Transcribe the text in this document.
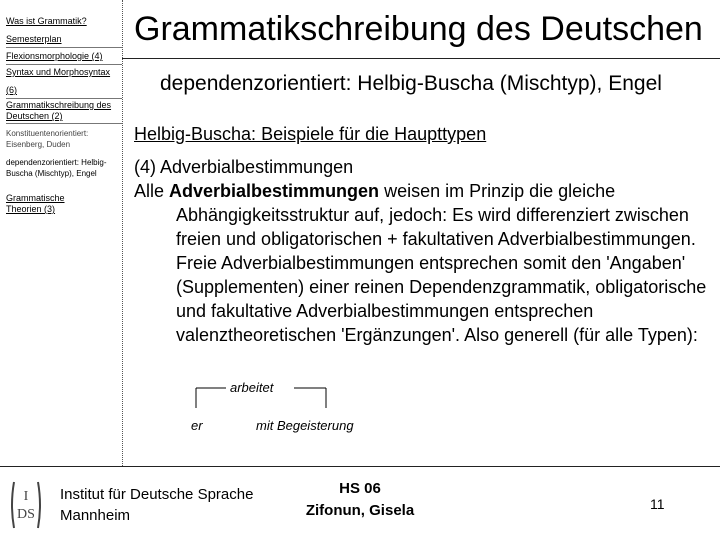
Was ist Grammatik?
Semesterplan
Flexionsmorphologie (4)
Syntax und Morphosyntax
(6)
Grammatikschreibung des Deutschen (2)
Konstituentenorientiert: Eisenberg, Duden
dependenzorientiert: Helbig-Buscha (Mischtyp), Engel
Grammatische Theorien (3)
Grammatikschreibung des Deutschen
dependenzorientiert: Helbig-Buscha (Mischtyp), Engel
Helbig-Buscha: Beispiele für die Haupttypen

(4) Adverbialbestimmungen

Alle Adverbialbestimmungen weisen im Prinzip die gleiche Abhängigkeitsstruktur auf, jedoch: Es wird differenziert zwischen freien und obligatorischen + fakultativen Adverbialbestimmungen. Freie Adverbialbestimmungen entsprechen somit den 'Angaben' (Supplementen) einer reinen Dependenzgrammatik, obligatorische und fakultative Adverbialbestimmungen entsprechen valenztheoretischen 'Ergänzungen'. Also generell (für alle Typen):

arbeitet
er	mit Begeisterung
I
DS
Institut für Deutsche Sprache
Mannheim
HS 06
Zifonun, Gisela	11
